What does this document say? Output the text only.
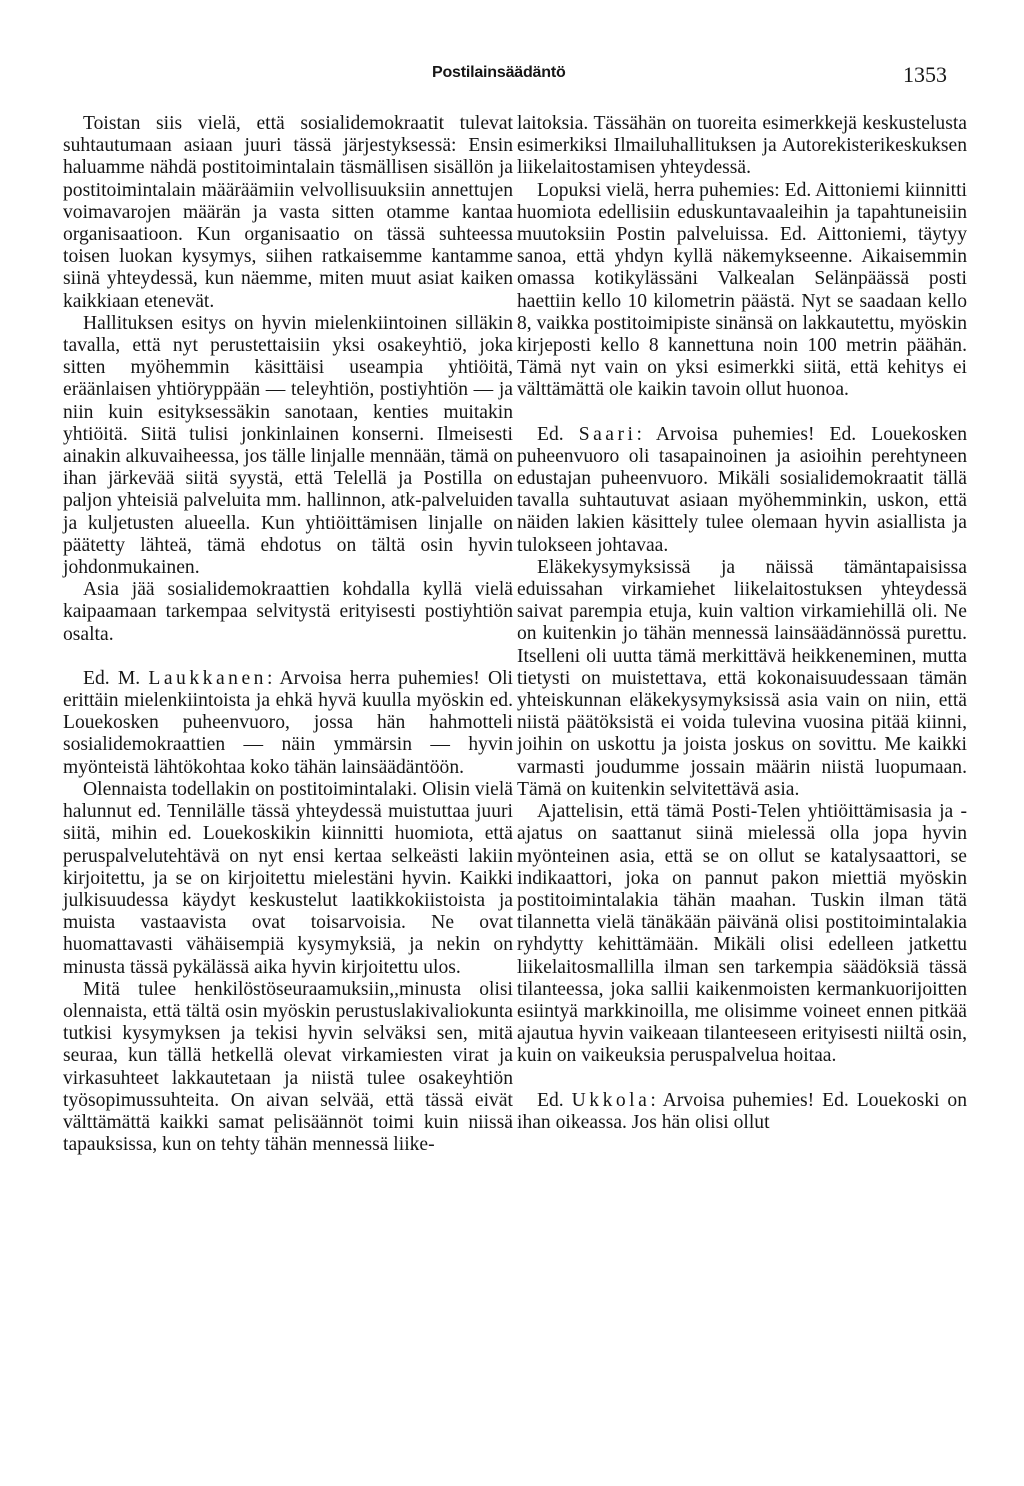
Postilainsäädäntö	1353

Toistan siis vielä, että sosialidemokraatit tulevat suhtautumaan asiaan juuri tässä järjestyksessä: Ensin haluamme nähdä postitoimintalain täsmällisen sisällön ja postitoimintalain määräämiin velvollisuuksiin annettujen voimavarojen määrän ja vasta sitten otamme kantaa organisaatioon. Kun organisaatio on tässä suhteessa toisen luokan kysymys, siihen ratkaisemme kantamme siinä yhteydessä, kun näemme, miten muut asiat kaiken kaikkiaan etenevät.

Hallituksen esitys on hyvin mielenkiintoinen silläkin tavalla, että nyt perustettaisiin yksi osakeyhtiö, joka sitten myöhemmin käsittäisi useampia yhtiöitä, eräänlaisen yhtiöryppään — teleyhtiön, postiyhtiön — ja niin kuin esityksessäkin sanotaan, kenties muitakin yhtiöitä. Siitä tulisi jonkinlainen konserni. Ilmeisesti ainakin alkuvaiheessa, jos tälle linjalle mennään, tämä on ihan järkevää siitä syystä, että Telellä ja Postilla on paljon yhteisiä palveluita mm. hallinnon, atk-palveluiden ja kuljetusten alueella. Kun yhtiöittämisen linjalle on päätetty lähteä, tämä ehdotus on tältä osin hyvin johdonmukainen.

Asia jää sosialidemokraattien kohdalla kyllä vielä kaipaamaan tarkempaa selvitystä erityisesti postiyhtiön osalta.

Ed. M. Laukkanen: Arvoisa herra puhemies! Oli erittäin mielenkiintoista ja ehkä hyvä kuulla myöskin ed. Louekosken puheenvuoro, jossa hän hahmotteli sosialidemokraattien — näin ymmärsin — hyvin myönteistä lähtökohtaa koko tähän lainsäädäntöön.

Olennaista todellakin on postitoimintalaki. Olisin vielä halunnut ed. Tennilälle tässä yhteydessä muistuttaa juuri siitä, mihin ed. Louekoskikin kiinnitti huomiota, että peruspalvelutehtävä on nyt ensi kertaa selkeästi lakiin kirjoitettu, ja se on kirjoitettu mielestäni hyvin. Kaikki julkisuudessa käydyt keskustelut laatikkokiistoista ja muista vastaavista ovat toisarvoisia. Ne ovat huomattavasti vähäisempiä kysymyksiä, ja nekin on minusta tässä pykälässä aika hyvin kirjoitettu ulos.

Mitä tulee henkilöstöseuraamuksiin,,minusta olisi olennaista, että tältä osin myöskin perustuslakivaliokunta tutkisi kysymyksen ja tekisi hyvin selväksi sen, mitä seuraa, kun tällä hetkellä olevat virkamiesten virat ja virkasuhteet lakkautetaan ja niistä tulee osakeyhtiön työsopimussuhteita. On aivan selvää, että tässä eivät välttämättä kaikki samat pelisäännöt toimi kuin niissä tapauksissa, kun on tehty tähän mennessä liike-

laitoksia. Tässähän on tuoreita esimerkkejä keskustelusta esimerkiksi Ilmailuhallituksen ja Autorekisterikeskuksen liikelaitostamisen yhteydessä.

Lopuksi vielä, herra puhemies: Ed. Aittoniemi kiinnitti huomiota edellisiin eduskuntavaaleihin ja tapahtuneisiin muutoksiin Postin palveluissa. Ed. Aittoniemi, täytyy sanoa, että yhdyn kyllä näkemykseenne. Aikaisemmin omassa kotikylässäni Valkealan Selänpäässä posti haettiin kello 10 kilometrin päästä. Nyt se saadaan kello 8, vaikka postitoimipiste sinänsä on lakkautettu, myöskin kirjeposti kello 8 kannettuna noin 100 metrin päähän. Tämä nyt vain on yksi esimerkki siitä, että kehitys ei välttämättä ole kaikin tavoin ollut huonoa.

Ed. Saari: Arvoisa puhemies! Ed. Louekosken puheenvuoro oli tasapainoinen ja asioihin perehtyneen edustajan puheenvuoro. Mikäli sosialidemokraatit tällä tavalla suhtautuvat asiaan myöhemminkin, uskon, että näiden lakien käsittely tulee olemaan hyvin asiallista ja tulokseen johtavaa.

Eläkekysymyksissä ja näissä tämäntapaisissa eduissahan virkamiehet liikelaitostuksen yhteydessä saivat parempia etuja, kuin valtion virkamiehillä oli. Ne on kuitenkin jo tähän mennessä lainsäädännössä purettu. Itselleni oli uutta tämä merkittävä heikkeneminen, mutta tietysti on muistettava, että kokonaisuudessaan tämän yhteiskunnan eläkekysymyksissä asia vain on niin, että niistä päätöksistä ei voida tulevina vuosina pitää kiinni, joihin on uskottu ja joista joskus on sovittu. Me kaikki varmasti joudumme jossain määrin niistä luopumaan. Tämä on kuitenkin selvitettävä asia.

Ajattelisin, että tämä Posti-Telen yhtiöittämisasia ja -ajatus on saattanut siinä mielessä olla jopa hyvin myönteinen asia, että se on ollut se katalysaattori, se indikaattori, joka on pannut pakon miettiä myöskin postitoimintalakia tähän maahan. Tuskin ilman tätä tilannetta vielä tänäkään päivänä olisi postitoimintalakia ryhdytty kehittämään. Mikäli olisi edelleen jatkettu liikelaitosmallilla ilman sen tarkempia säädöksiä tässä tilanteessa, joka sallii kaikenmoisten kermankuorijoitten esiintyä markkinoilla, me olisimme voineet ennen pitkää ajautua hyvin vaikeaan tilanteeseen erityisesti niiltä osin, kuin on vaikeuksia peruspalvelua hoitaa.

Ed. Ukkola: Arvoisa puhemies! Ed. Louekoski on ihan oikeassa. Jos hän olisi ollut
